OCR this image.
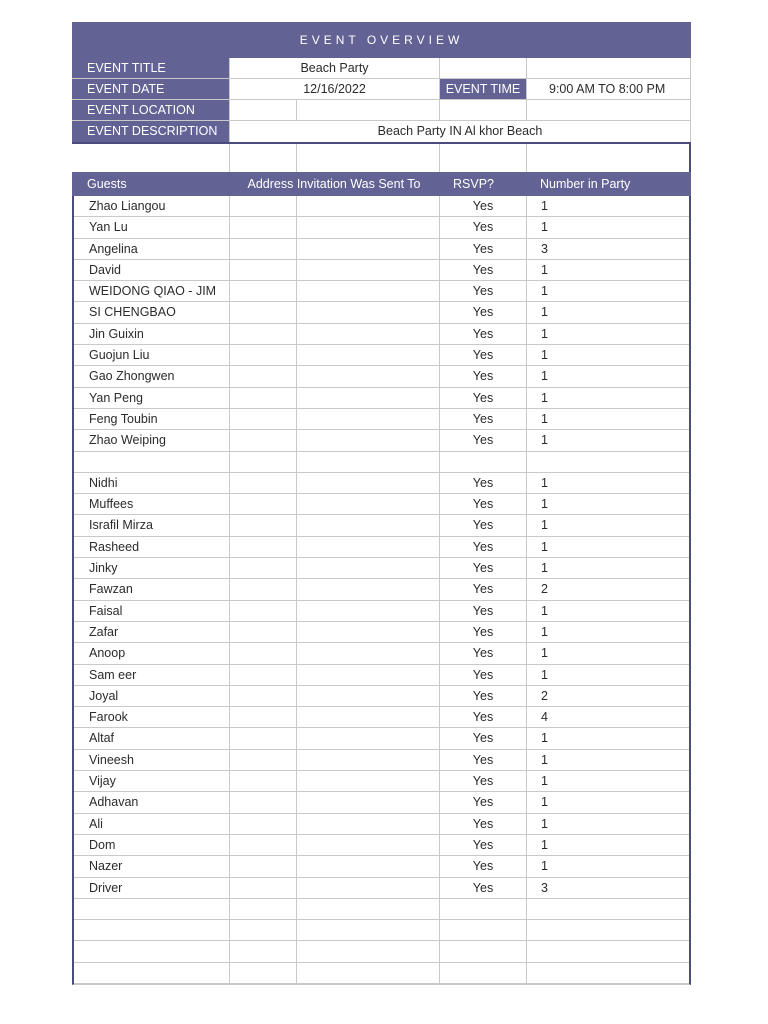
EVENT OVERVIEW
EVENT TITLE	Beach Party
EVENT DATE	12/16/2022	EVENT TIME	9:00 AM TO 8:00 PM
EVENT LOCATION
EVENT DESCRIPTION	Beach Party IN Al khor Beach
Guests	Address Invitation Was Sent To	RSVP?	Number in Party
Zhao Liangou	Yes	1
Yan Lu	Yes	1
Angelina	Yes	3
David	Yes	1
WEIDONG QIAO - JIM	Yes	1
SI CHENGBAO	Yes	1
Jin Guixin	Yes	1
Guojun Liu	Yes	1
Gao Zhongwen	Yes	1
Yan Peng	Yes	1
Feng Toubin	Yes	1
Zhao Weiping	Yes	1
Nidhi	Yes	1
Muffees	Yes	1
Israfil Mirza	Yes	1
Rasheed	Yes	1
Jinky	Yes	1
Fawzan	Yes	2
Faisal	Yes	1
Zafar	Yes	1
Anoop	Yes	1
Sam eer	Yes	1
Joyal	Yes	2
Farook	Yes	4
Altaf	Yes	1
Vineesh	Yes	1
Vijay	Yes	1
Adhavan	Yes	1
Ali	Yes	1
Dom	Yes	1
Nazer	Yes	1
Driver	Yes	3
